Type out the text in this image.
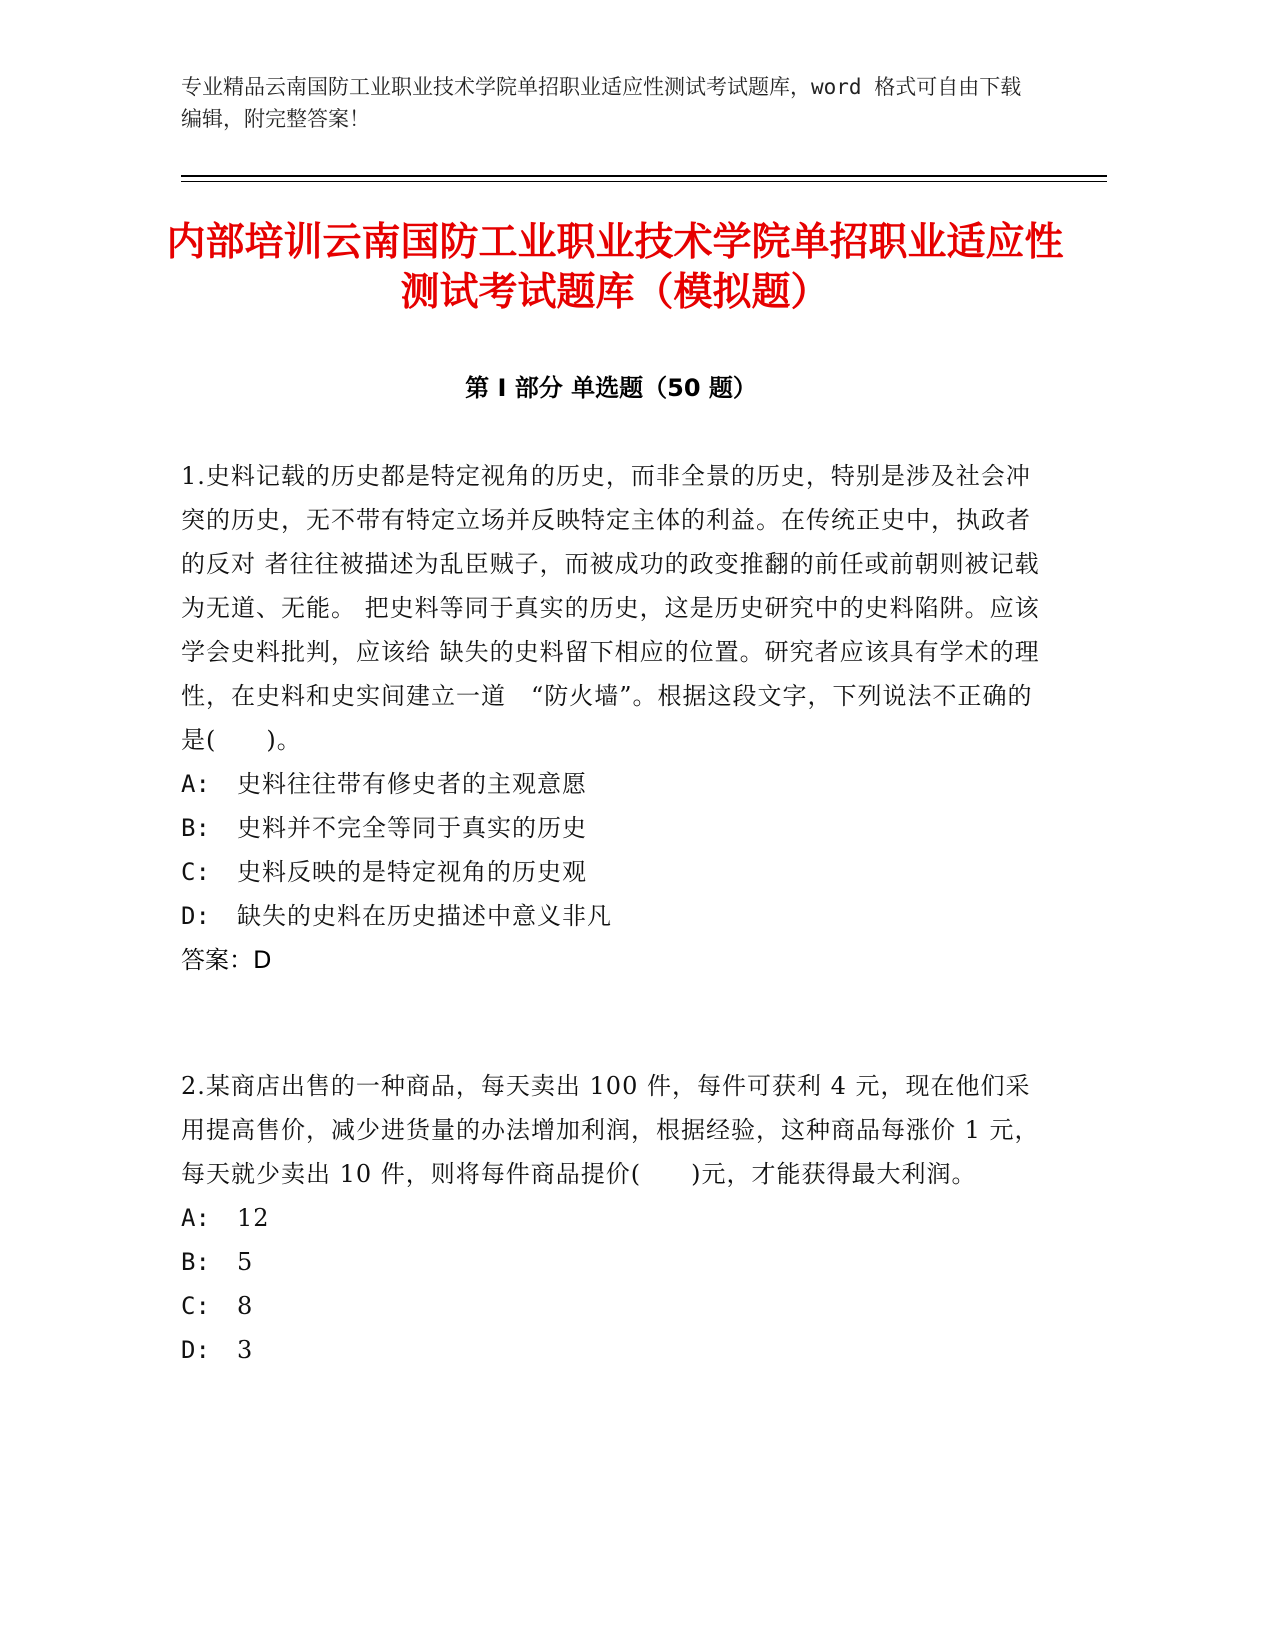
专业精品云南国防工业职业技术学院单招职业适应性测试考试题库，word 格式可自由下载编辑，附完整答案！
内部培训云南国防工业职业技术学院单招职业适应性测试考试题库（模拟题）
第 I 部分 单选题（50 题）

1.史料记载的历史都是特定视角的历史，而非全景的历史，特别是涉及社会冲　突的历史，无不带有特定立场并反映特定主体的利益。在传统正史中，执政者的反对 者往往被描述为乱臣贼子，而被成功的政变推翻的前任或前朝则被记载为无道、无能。 把史料等同于真实的历史，这是历史研究中的史料陷阱。应该学会史料批判，应该给 缺失的史料留下相应的位置。研究者应该具有学术的理性，在史料和史实间建立一道　“防火墙”。根据这段文字，下列说法不正确的是(　　)。

A:	史料往往带有修史者的主观意愿
B:	史料并不完全等同于真实的历史
C:	史料反映的是特定视角的历史观
D:	缺失的史料在历史描述中意义非凡
答案：D

2.某商店出售的一种商品，每天卖出 100 件，每件可获利 4 元，现在他们采用提高售价，减少进货量的办法增加利润，根据经验，这种商品每涨价 1 元，每天就少卖出 10 件，则将每件商品提价(　　)元，才能获得最大利润。

A:	12
B:	5
C:	8
D:	3
